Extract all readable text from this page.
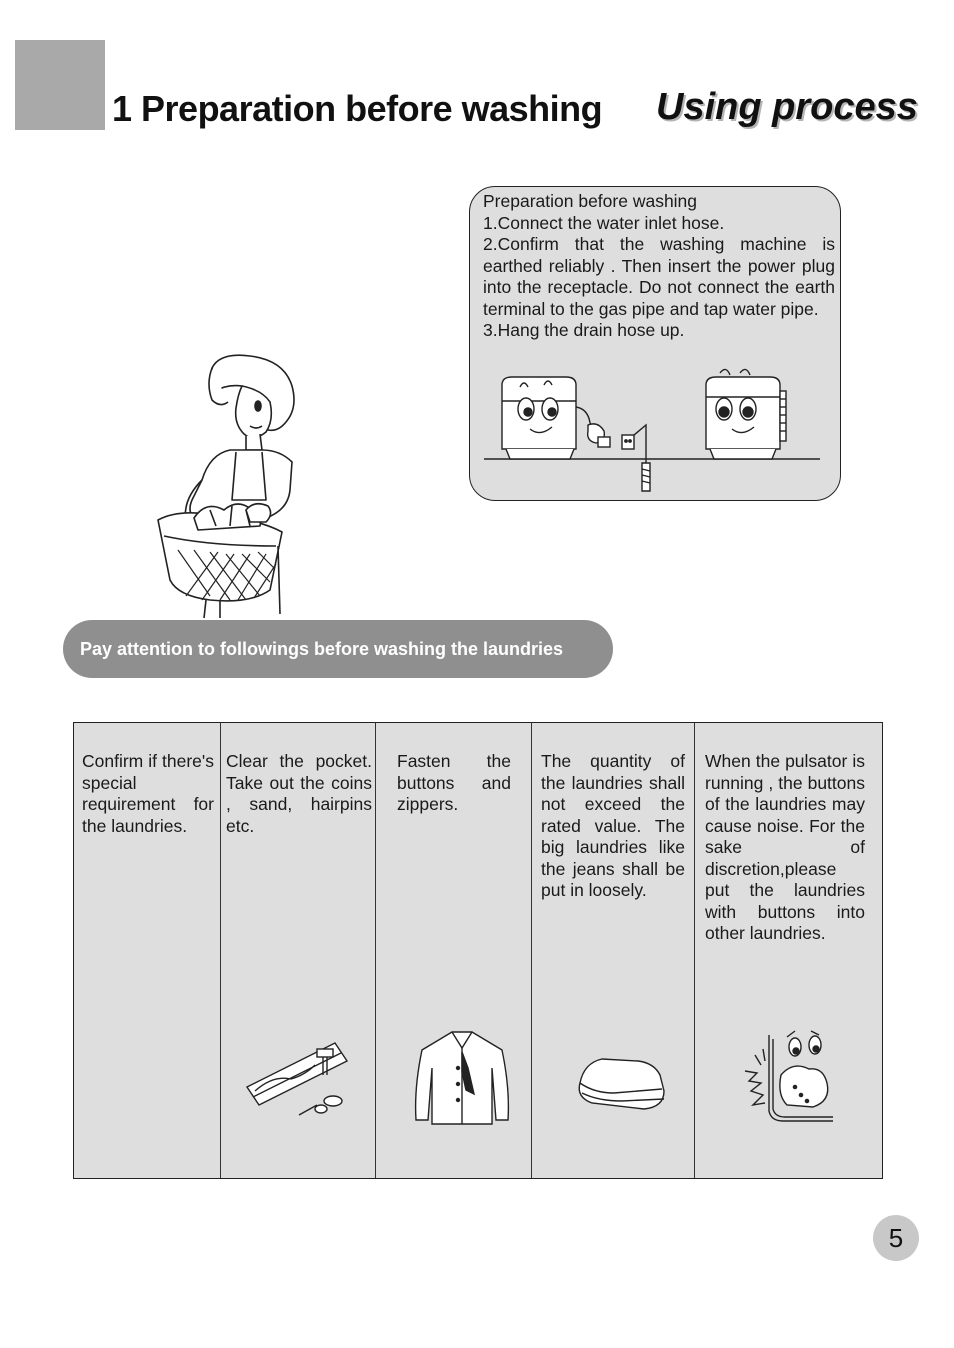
1 Preparation before washing Using process
Preparation before washing
1.Connect the water inlet hose.
2.Confirm that the washing machine is earthed reliably . Then insert the power plug into the receptacle. Do not connect the earth terminal to the gas pipe and tap water pipe.
3.Hang the drain hose up.
Pay attention to followings before washing the laundries
Confirm if there's special requirement for the laundries.
Clear the pocket. Take out the coins , sand, hairpins etc.
Fasten the buttons and zippers.
The quantity of the laundries shall not exceed the rated value. The big laundries like the jeans shall be put in loosely.
When the pulsator is running , the buttons of the laundries may cause noise. For the sake of discretion,please put the laundries with buttons into other laundries.
5
